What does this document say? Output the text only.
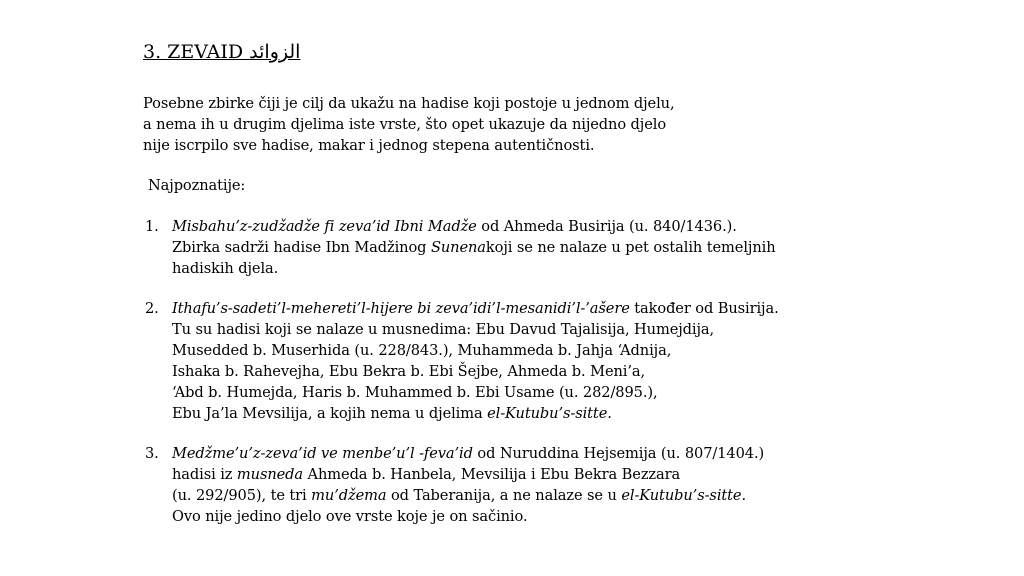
3. ZEVAID الزوائد
Posebne zbirke čiji je cilj da ukažu na hadise koji postoje u jednom djelu,
a nema ih u drugim djelima iste vrste, što opet ukazuje da nijedno djelo
nije iscrpilo sve hadise, makar i jednog stepena autentičnosti.
Najpoznatije:
1. Misbahu’z-zudžadže fi zeva’id Ibni Madže od Ahmeda Busirija (u. 840/1436.).
Zbirka sadrži hadise Ibn Madžinog Sunenakoji se ne nalaze u pet ostalih temeljnih
hadiskih djela.
2. Ithafu’s-sadeti’l-mehereti’l-hijere bi zeva’idi’l-mesanidi’l-’ašere također od Busirija.
Tu su hadisi koji se nalaze u musnedima: Ebu Davud Tajalisija, Humejdija,
Musedded b. Muserhida (u. 228/843.), Muhammeda b. Jahja ‘Adnija,
Ishaka b. Rahevejha, Ebu Bekra b. Ebi Šejbe, Ahmeda b. Meni’a,
‘Abd b. Humejda, Haris b. Muhammed b. Ebi Usame (u. 282/895.),
Ebu Ja’la Mevsilija, a kojih nema u djelima el-Kutubu’s-sitte.
3. Medžme’u’z-zeva’id ve menbe’u’l -feva’id od Nuruddina Hejsemija (u. 807/1404.)
hadisi iz musneda Ahmeda b. Hanbela, Mevsilija i Ebu Bekra Bezzara
(u. 292/905), te tri mu’džema od Taberanija, a ne nalaze se u el-Kutubu’s-sitte.
Ovo nije jedino djelo ove vrste koje je on sačinio.
